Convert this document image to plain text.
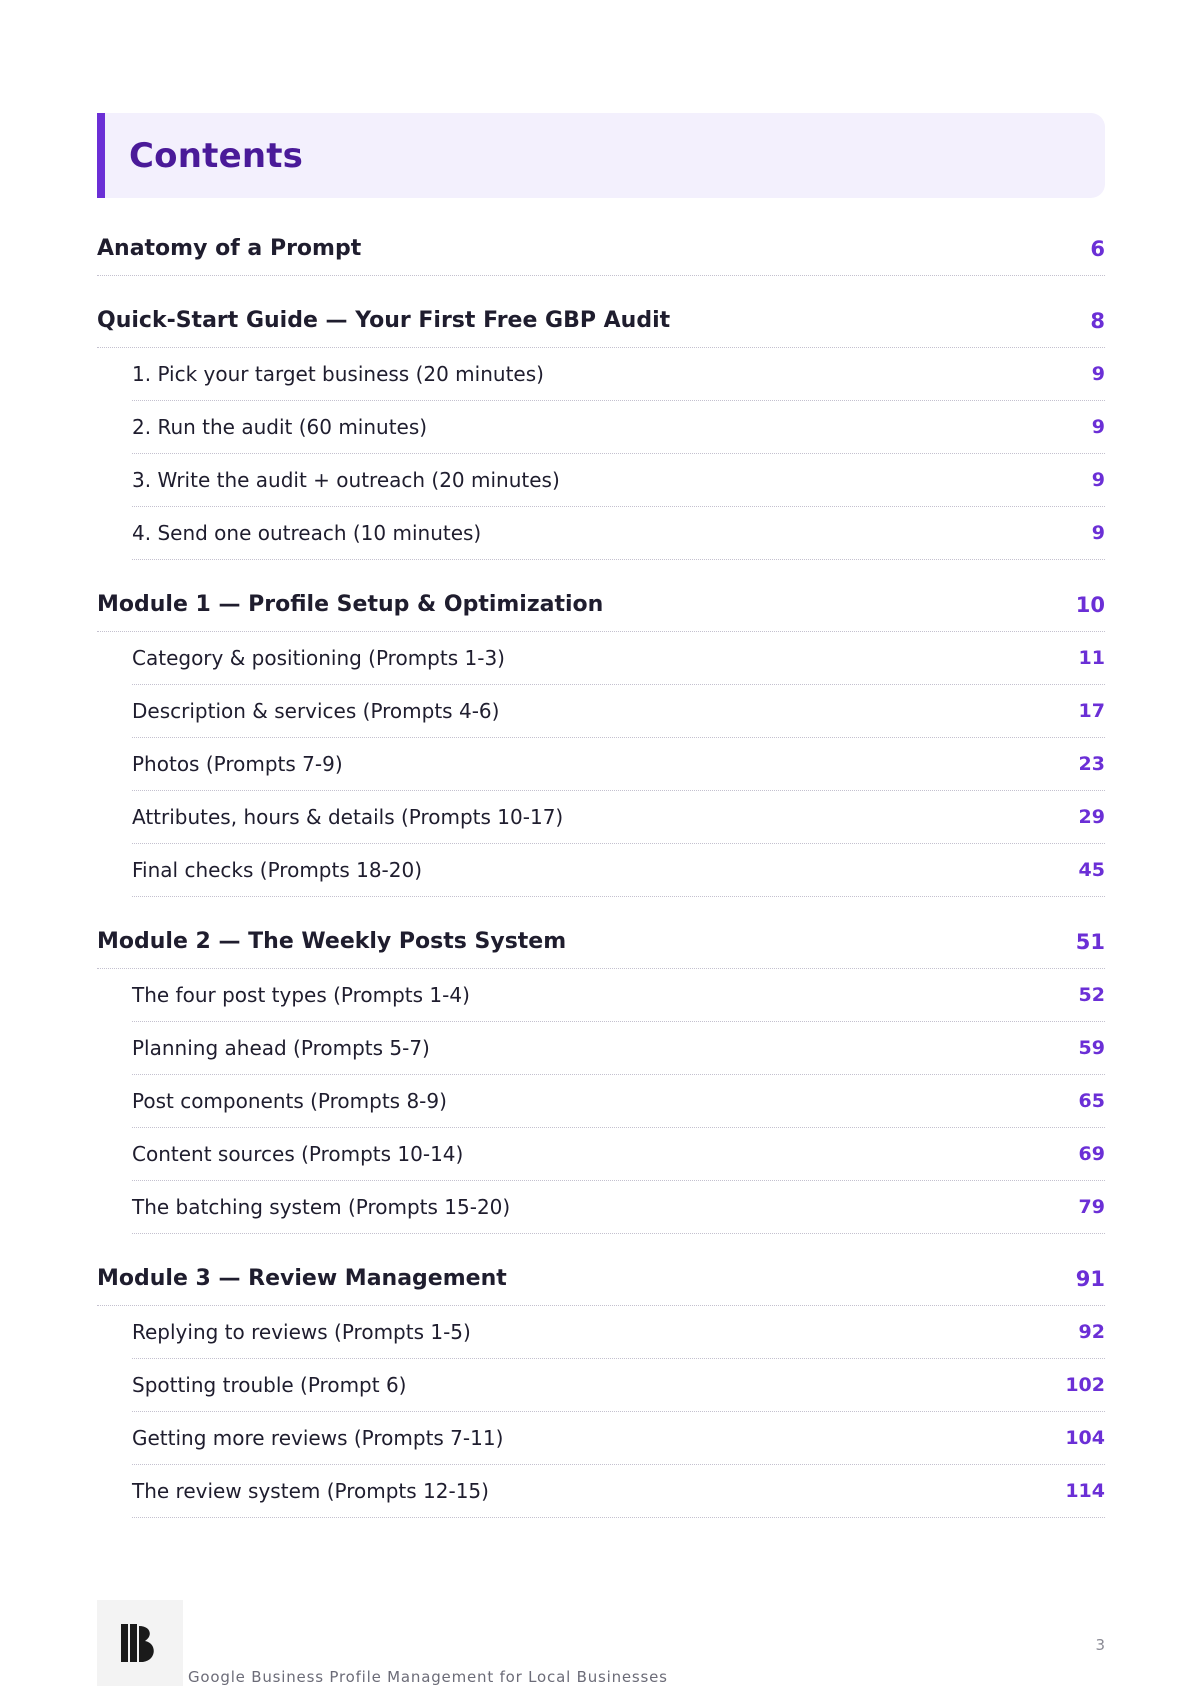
Contents
Anatomy of a Prompt	6
Quick-Start Guide — Your First Free GBP Audit	8
1. Pick your target business (20 minutes)	9
2. Run the audit (60 minutes)	9
3. Write the audit + outreach (20 minutes)	9
4. Send one outreach (10 minutes)	9
Module 1 — Profile Setup & Optimization	10
Category & positioning (Prompts 1-3)	11
Description & services (Prompts 4-6)	17
Photos (Prompts 7-9)	23
Attributes, hours & details (Prompts 10-17)	29
Final checks (Prompts 18-20)	45
Module 2 — The Weekly Posts System	51
The four post types (Prompts 1-4)	52
Planning ahead (Prompts 5-7)	59
Post components (Prompts 8-9)	65
Content sources (Prompts 10-14)	69
The batching system (Prompts 15-20)	79
Module 3 — Review Management	91
Replying to reviews (Prompts 1-5)	92
Spotting trouble (Prompt 6)	102
Getting more reviews (Prompts 7-11)	104
The review system (Prompts 12-15)	114
Google Business Profile Management for Local Businesses
3
